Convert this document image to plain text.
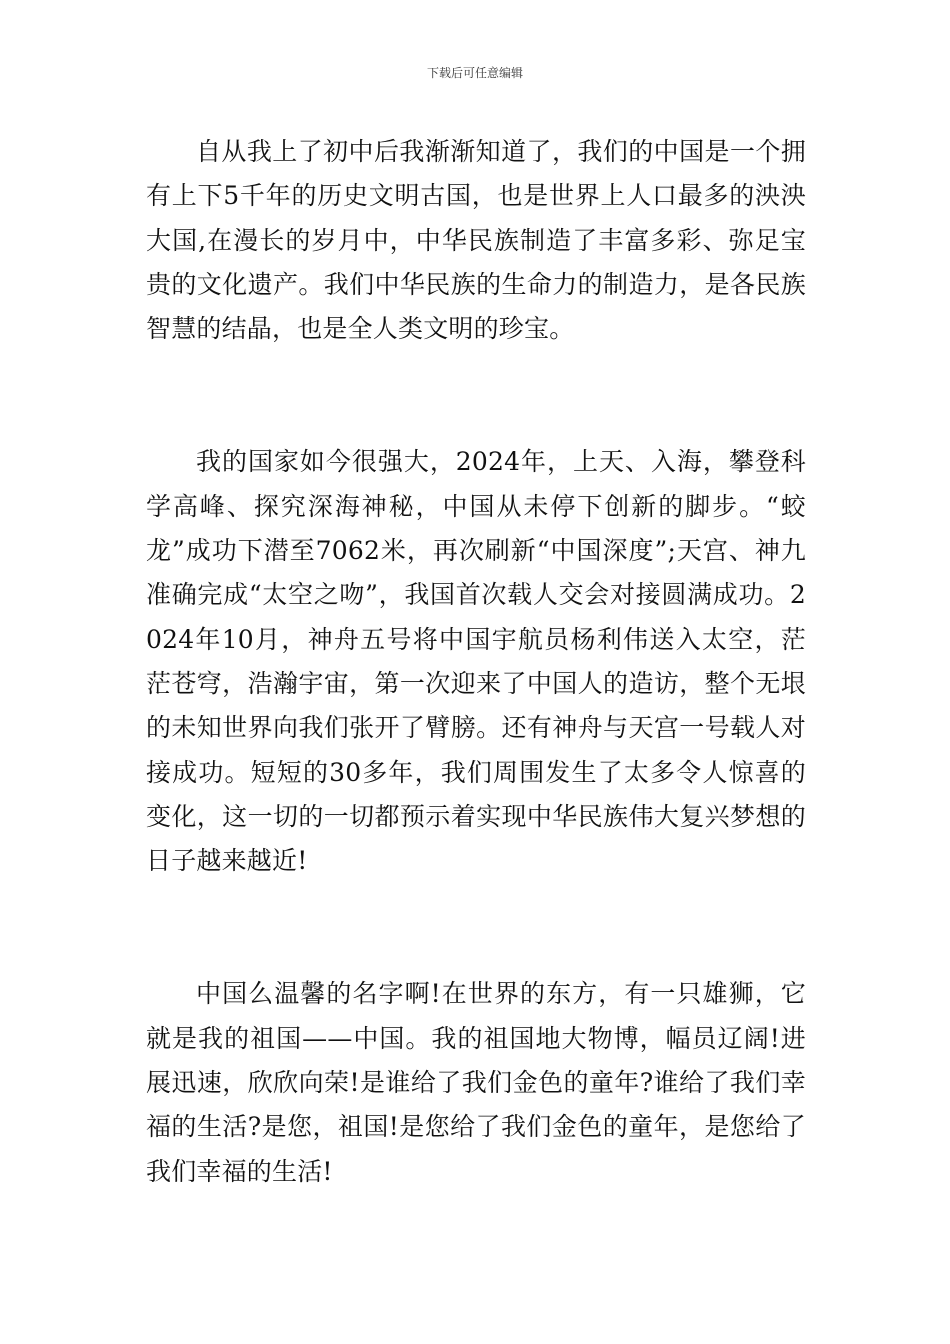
下载后可任意编辑

自从我上了初中后我渐渐知道了，我们的中国是一个拥有上下5千年的历史文明古国，也是世界上人口最多的泱泱大国,在漫长的岁月中，中华民族制造了丰富多彩、弥足宝贵的文化遗产。我们中华民族的生命力的制造力，是各民族智慧的结晶，也是全人类文明的珍宝。

我的国家如今很强大，2024年，上天、入海，攀登科学高峰、探究深海神秘，中国从未停下创新的脚步。“蛟龙”成功下潜至7062米，再次刷新“中国深度”;天宫、神九准确完成“太空之吻”，我国首次载人交会对接圆满成功。2024年10月，神舟五号将中国宇航员杨利伟送入太空，茫茫苍穹，浩瀚宇宙，第一次迎来了中国人的造访，整个无垠的未知世界向我们张开了臂膀。还有神舟与天宫一号载人对接成功。短短的30多年，我们周围发生了太多令人惊喜的变化，这一切的一切都预示着实现中华民族伟大复兴梦想的日子越来越近!

中国么温馨的名字啊!在世界的东方，有一只雄狮，它就是我的祖国——中国。我的祖国地大物博，幅员辽阔!进展迅速，欣欣向荣!是谁给了我们金色的童年?谁给了我们幸福的生活?是您，祖国!是您给了我们金色的童年，是您给了我们幸福的生活!
